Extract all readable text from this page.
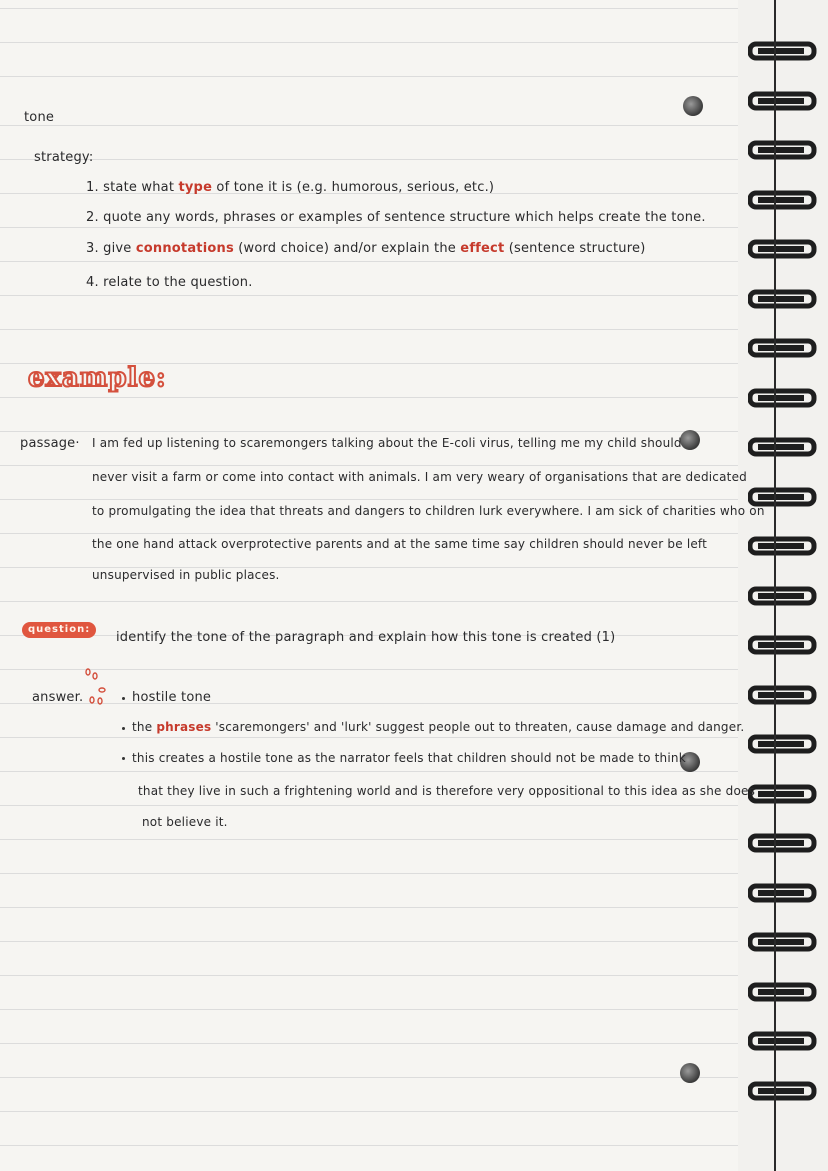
tone
strategy:
1. state what type of tone it is (e.g. humorous, serious, etc.)
2. quote any words, phrases or examples of sentence structure which helps create the tone.
3. give connotations (word choice) and/or explain the effect (sentence structure)
4. relate to the question.
example:
passage· I am fed up listening to scaremongers talking about the E-coli virus, telling me my child should
never visit a farm or come into contact with animals. I am very weary of organisations that are dedicated
to promulgating the idea that threats and dangers to children lurk everywhere. I am sick of charities who on
the one hand attack overprotective parents and at the same time say children should never be left
unsupervised in public places.
question:
identify the tone of the paragraph and explain how this tone is created (1)
answer.	hostile tone
the phrases 'scaremongers' and 'lurk' suggest people out to threaten, cause damage and danger.
this creates a hostile tone as the narrator feels that children should not be made to think
that they live in such a frightening world and is therefore very oppositional to this idea as she does
not believe it.
